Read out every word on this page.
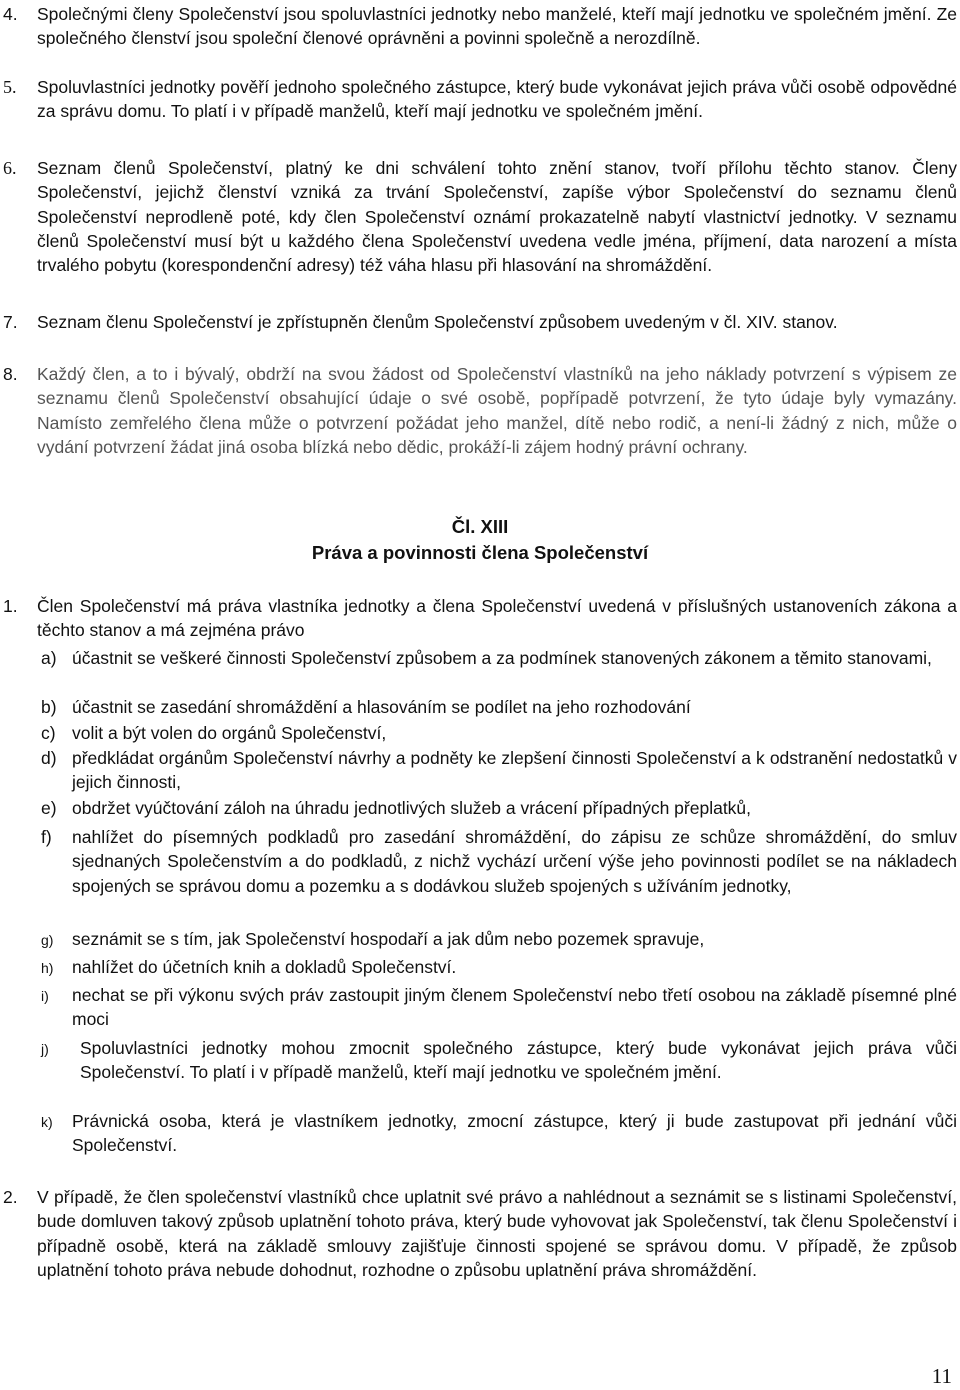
4. Společnými členy Společenství jsou spoluvlastníci jednotky nebo manželé, kteří mají jednotku ve společném jmění. Ze společného členství jsou společní členové oprávněni a povinni společně a nerozdílně.
5. Spoluvlastníci jednotky pověří jednoho společného zástupce, který bude vykonávat jejich práva vůči osobě odpovědné za správu domu. To platí i v případě manželů, kteří mají jednotku ve společném jmění.
6. Seznam členů Společenství, platný ke dni schválení tohto znění stanov, tvoří přílohu těchto stanov. Členy Společenství, jejichž členství vzniká za trvání Společenství, zapíše výbor Společenství do seznamu členů Společenství neprodleně poté, kdy člen Společenství oznámí prokazatelně nabytí vlastnictví jednotky. V seznamu členů Společenství musí být u každého člena Společenství uvedena vedle jména, příjmení, data narození a místa trvalého pobytu (korespondenční adresy) též váha hlasu při hlasování na shromáždění.
7. Seznam členu Společenství je zpřístupněn členům Společenství způsobem uvedeným v čl. XIV. stanov.
8. Každý člen, a to i bývalý, obdrží na svou žádost od Společenství vlastníků na jeho náklady potvrzení s výpisem ze seznamu členů Společenství obsahující údaje o své osobě, popřípadě potvrzení, že tyto údaje byly vymazány. Namísto zemřelého člena může o potvrzení požádat jeho manžel, dítě nebo rodič, a není-li žádný z nich, může o vydání potvrzení žádat jiná osoba blízká nebo dědic, prokáží-li zájem hodný právní ochrany.
Čl. XIII
Práva a povinnosti člena Společenství
1. Člen Společenství má práva vlastníka jednotky a člena Společenství uvedená v příslušných ustanoveních zákona a těchto stanov a má zejména právo
a) účastnit se veškeré činnosti Společenství způsobem a za podmínek stanovených zákonem a těmito stanovami,
b) účastnit se zasedání shromáždění a hlasováním se podílet na jeho rozhodování
c) volit a být volen do orgánů Společenství,
d) předkládat orgánům Společenství návrhy a podněty ke zlepšení činnosti Společenství a k odstranění nedostatků v jejich činnosti,
e) obdržet vyúčtování záloh na úhradu jednotlivých služeb a vrácení případných přeplatků,
f) nahlížet do písemných podkladů pro zasedání shromáždění, do zápisu ze schůze shromáždění, do smluv sjednaných Společenstvím a do podkladů, z nichž vychází určení výše jeho povinnosti podílet se na nákladech spojených se správou domu a pozemku a s dodávkou služeb spojených s užíváním jednotky,
g) seznámit se s tím, jak Společenství hospodaří a jak dům nebo pozemek spravuje,
h) nahlížet do účetních knih a dokladů Společenství.
i) nechat se při výkonu svých práv zastoupit jiným členem Společenství nebo třetí osobou na základě písemné plné moci
j) Spoluvlastníci jednotky mohou zmocnit společného zástupce, který bude vykonávat jejich práva vůči Společenství. To platí i v případě manželů, kteří mají jednotku ve společném jmění.
k) Právnická osoba, která je vlastníkem jednotky, zmocní zástupce, který ji bude zastupovat při jednání vůči Společenství.
2. V případě, že člen společenství vlastníků chce uplatnit své právo a nahlédnout a seznámit se s listinami Společenství, bude domluven takový způsob uplatnění tohoto práva, který bude vyhovovat jak Společenství, tak členu Společenství i případně osobě, která na základě smlouvy zajišťuje činnosti spojené se správou domu. V případě, že způsob uplatnění tohoto práva nebude dohodnut, rozhodne o způsobu uplatnění práva shromáždění.
11
